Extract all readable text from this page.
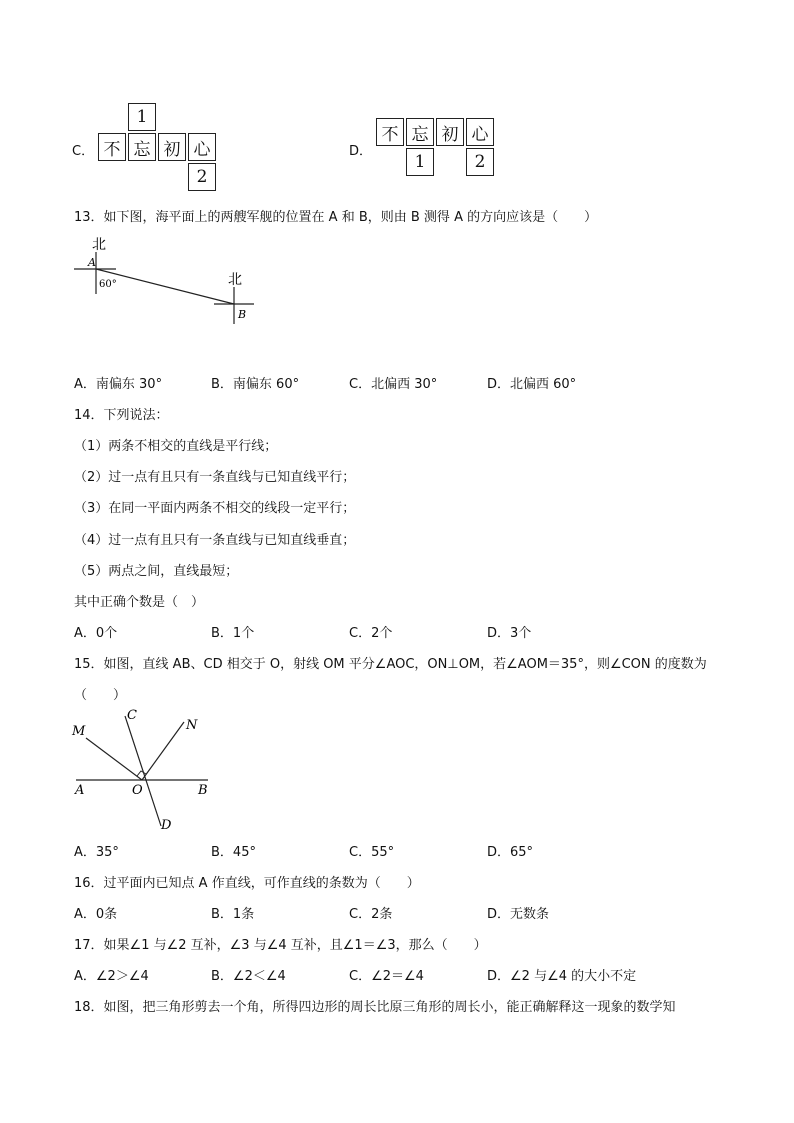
C．
1
不 忘 初 心
2
D．
不 忘 初 心
1	2
13．如下图，海平面上的两艘军舰的位置在 A 和 B，则由 B 测得 A 的方向应该是（　　）
北
北
A
B
60°
A．南偏东 30°	B．南偏东 60°	C．北偏西 30°	D．北偏西 60°
14．下列说法：
（1）两条不相交的直线是平行线；
（2）过一点有且只有一条直线与已知直线平行；
（3）在同一平面内两条不相交的线段一定平行；
（4）过一点有且只有一条直线与已知直线垂直；
（5）两点之间，直线最短；
其中正确个数是（　）
A．0个	B．1个	C．2个	D．3个
15．如图，直线 AB、CD 相交于 O，射线 OM 平分∠AOC，ON⊥OM，若∠AOM＝35°，则∠CON 的度数为
（　　）
M
C
N
A	O	B
D
A．35°	B．45°	C．55°	D．65°
16．过平面内已知点 A 作直线，可作直线的条数为（　　）
A．0条	B．1条	C．2条	D．无数条
17．如果∠1 与∠2 互补，∠3 与∠4 互补，且∠1＝∠3，那么（　　）
A．∠2＞∠4	B．∠2＜∠4	C．∠2＝∠4	D．∠2 与∠4 的大小不定
18．如图，把三角形剪去一个角，所得四边形的周长比原三角形的周长小，能正确解释这一现象的数学知
